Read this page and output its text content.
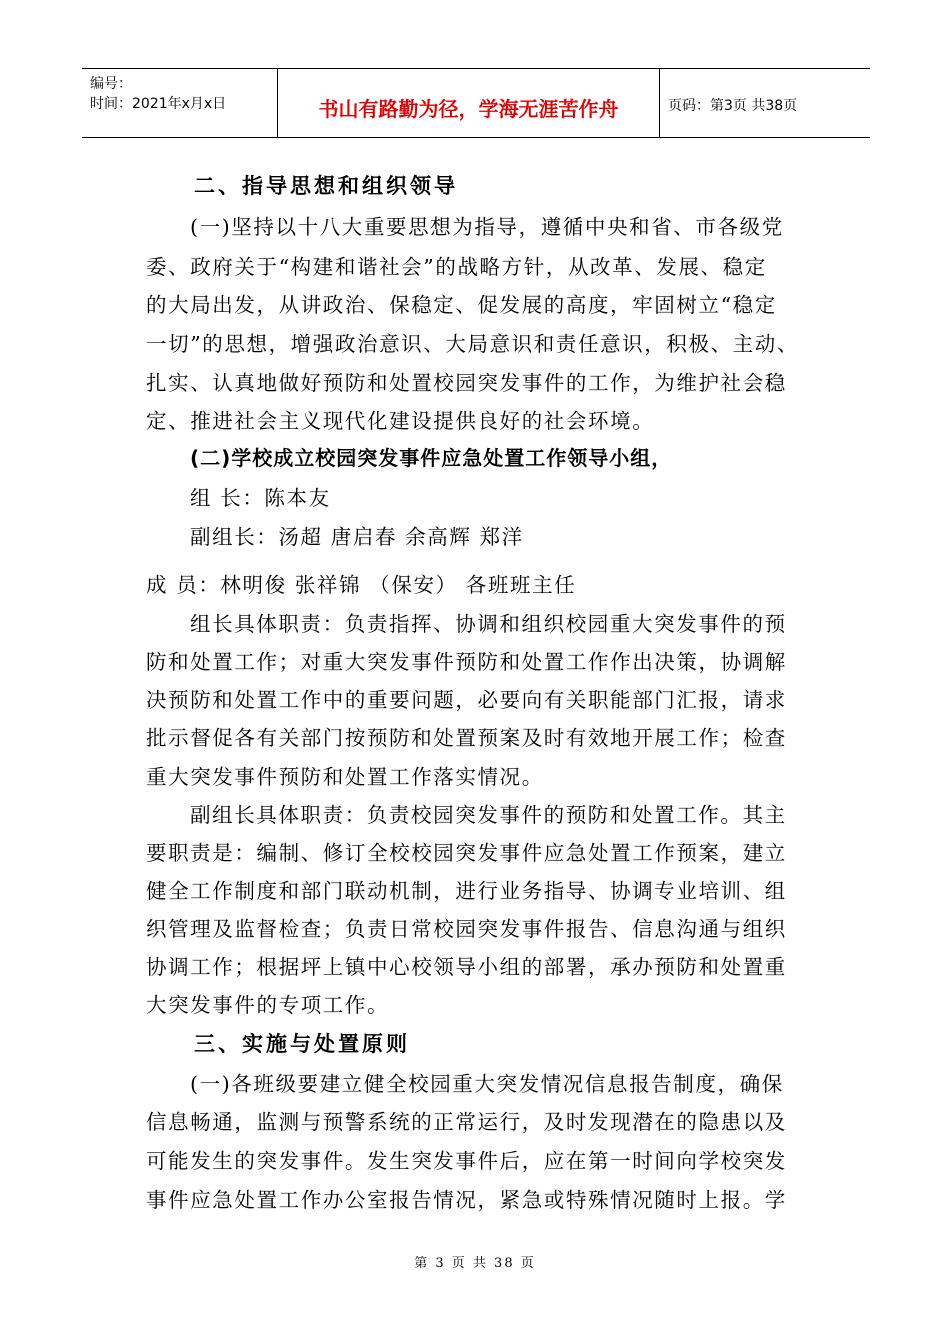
编号：
时间：2021年x月x日	书山有路勤为径，学海无涯苦作舟	页码：第3页 共38页
二、指导思想和组织领导
(一)坚持以十八大重要思想为指导，遵循中央和省、市各级党
委、政府关于“构建和谐社会”的战略方针，从改革、发展、稳定
的大局出发，从讲政治、保稳定、促发展的高度，牢固树立“稳定
一切”的思想，增强政治意识、大局意识和责任意识，积极、主动、
扎实、认真地做好预防和处置校园突发事件的工作，为维护社会稳
定、推进社会主义现代化建设提供良好的社会环境。
(二)学校成立校园突发事件应急处置工作领导小组，
组 长：陈本友
副组长：汤超 唐启春 余高辉 郑洋
成 员：林明俊 张祥锦 （保安） 各班班主任
组长具体职责：负责指挥、协调和组织校园重大突发事件的预
防和处置工作；对重大突发事件预防和处置工作作出决策，协调解
决预防和处置工作中的重要问题，必要向有关职能部门汇报，请求
批示督促各有关部门按预防和处置预案及时有效地开展工作；检查
重大突发事件预防和处置工作落实情况。
副组长具体职责：负责校园突发事件的预防和处置工作。其主
要职责是：编制、修订全校校园突发事件应急处置工作预案，建立
健全工作制度和部门联动机制，进行业务指导、协调专业培训、组
织管理及监督检查；负责日常校园突发事件报告、信息沟通与组织
协调工作；根据坪上镇中心校领导小组的部署，承办预防和处置重
大突发事件的专项工作。
三、实施与处置原则
(一)各班级要建立健全校园重大突发情况信息报告制度，确保
信息畅通，监测与预警系统的正常运行，及时发现潜在的隐患以及
可能发生的突发事件。发生突发事件后，应在第一时间向学校突发
事件应急处置工作办公室报告情况，紧急或特殊情况随时上报。学
第 3 页 共 38 页
